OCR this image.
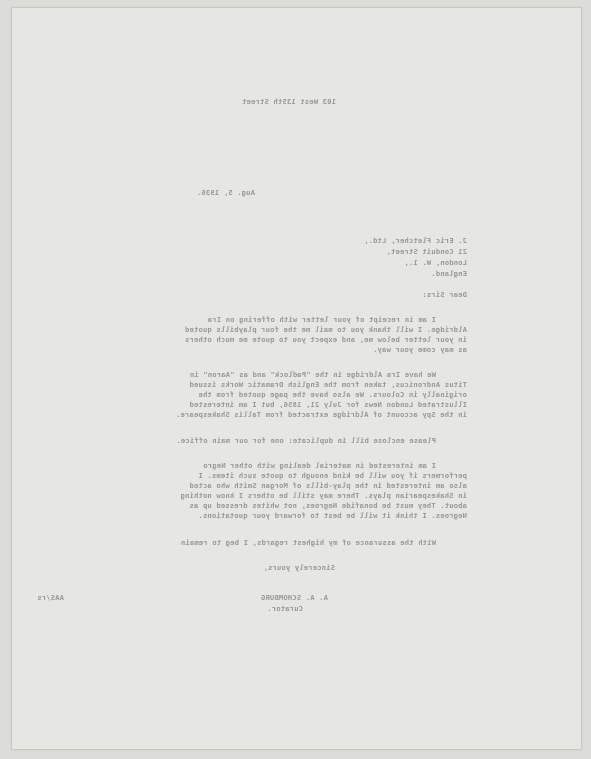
103 West 135th Street
Aug. 5, 1936.
J. Eric Fletcher, Ltd.,
21 Conduit Street,
London, W. 1.,
England.
Dear Sirs:
I am in receipt of your letter with offering on Ira
Aldridge. I will thank you to mail me the four playbills quoted
in your letter below me, and expect you to quote me much others
as may come your way.
We have Ira Aldridge in the "Padlock" and as "Aaron" in
Titus Andronicus, taken from the English Dramatic Works issued
originally in Colours. We also have the page quoted from the
Illustrated London News for July 21, 1856, but I am interested
in the Spy account of Aldridge extracted from Tallis Shakespeare.
Please enclose bill in duplicate: one for our main office.
I am interested in material dealing with other Negro
performers if you will be kind enough to quote such items. I
also am interested in the play-bills of Morgan Smith who acted
in Shakespearian plays. There may still be others I know nothing
about. They must be bonafide Negroes, not whites dressed up as
Negroes. I think it will be best to forward your quotations.
With the assurance of my highest regards, I beg to remain
Sincerely yours,
AAS/rs	A. A. SCHOMBURG
Curator.
